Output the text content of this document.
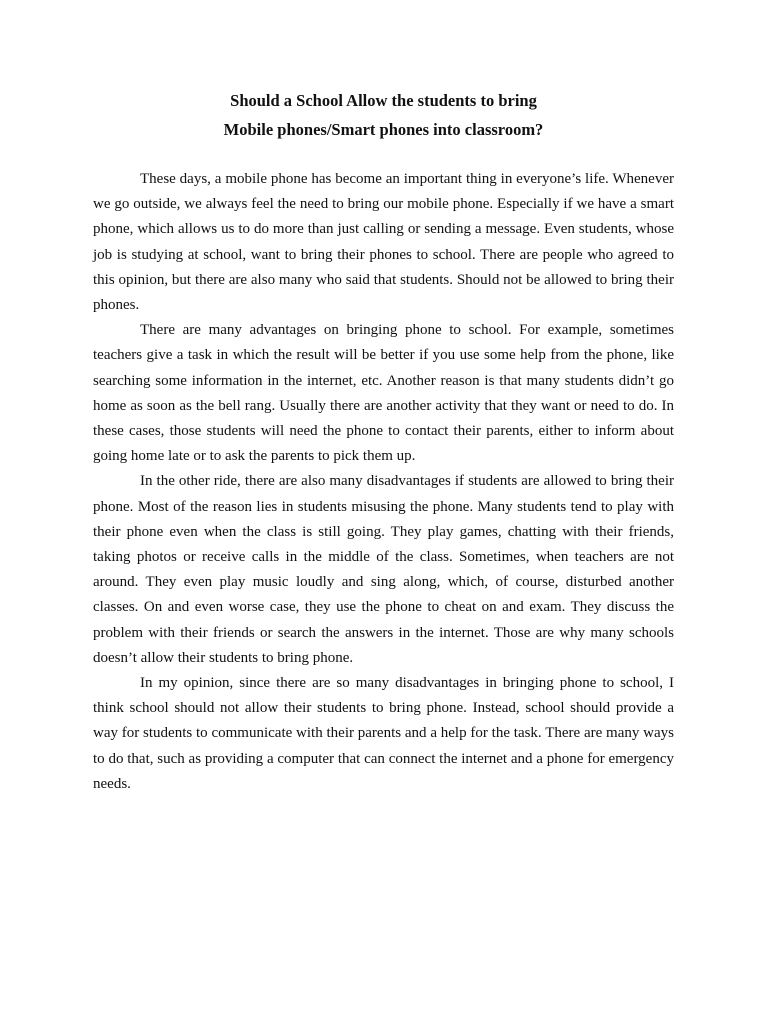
Should a School Allow the students to bring
Mobile phones/Smart phones into classroom?

These days, a mobile phone has become an important thing in everyone’s life. Whenever we go outside, we always feel the need to bring our mobile phone. Especially if we have a smart phone, which allows us to do more than just calling or sending a message. Even students, whose job is studying at school, want to bring their phones to school. There are people who agreed to this opinion, but there are also many who said that students. Should not be allowed to bring their phones.

There are many advantages on bringing phone to school. For example, sometimes teachers give a task in which the result will be better if you use some help from the phone, like searching some information in the internet, etc. Another reason is that many students didn’t go home as soon as the bell rang. Usually there are another activity that they want or need to do. In these cases, those students will need the phone to contact their parents, either to inform about going home late or to ask the parents to pick them up.

In the other ride, there are also many disadvantages if students are allowed to bring their phone. Most of the reason lies in students misusing the phone. Many students tend to play with their phone even when the class is still going. They play games, chatting with their friends, taking photos or receive calls in the middle of the class. Sometimes, when teachers are not around. They even play music loudly and sing along, which, of course, disturbed another classes. On and even worse case, they use the phone to cheat on and exam. They discuss the problem with their friends or search the answers in the internet. Those are why many schools doesn’t allow their students to bring phone.

In my opinion, since there are so many disadvantages in bringing phone to school, I think school should not allow their students to bring phone. Instead, school should provide a way for students to communicate with their parents and a help for the task. There are many ways to do that, such as providing a computer that can connect the internet and a phone for emergency needs.
